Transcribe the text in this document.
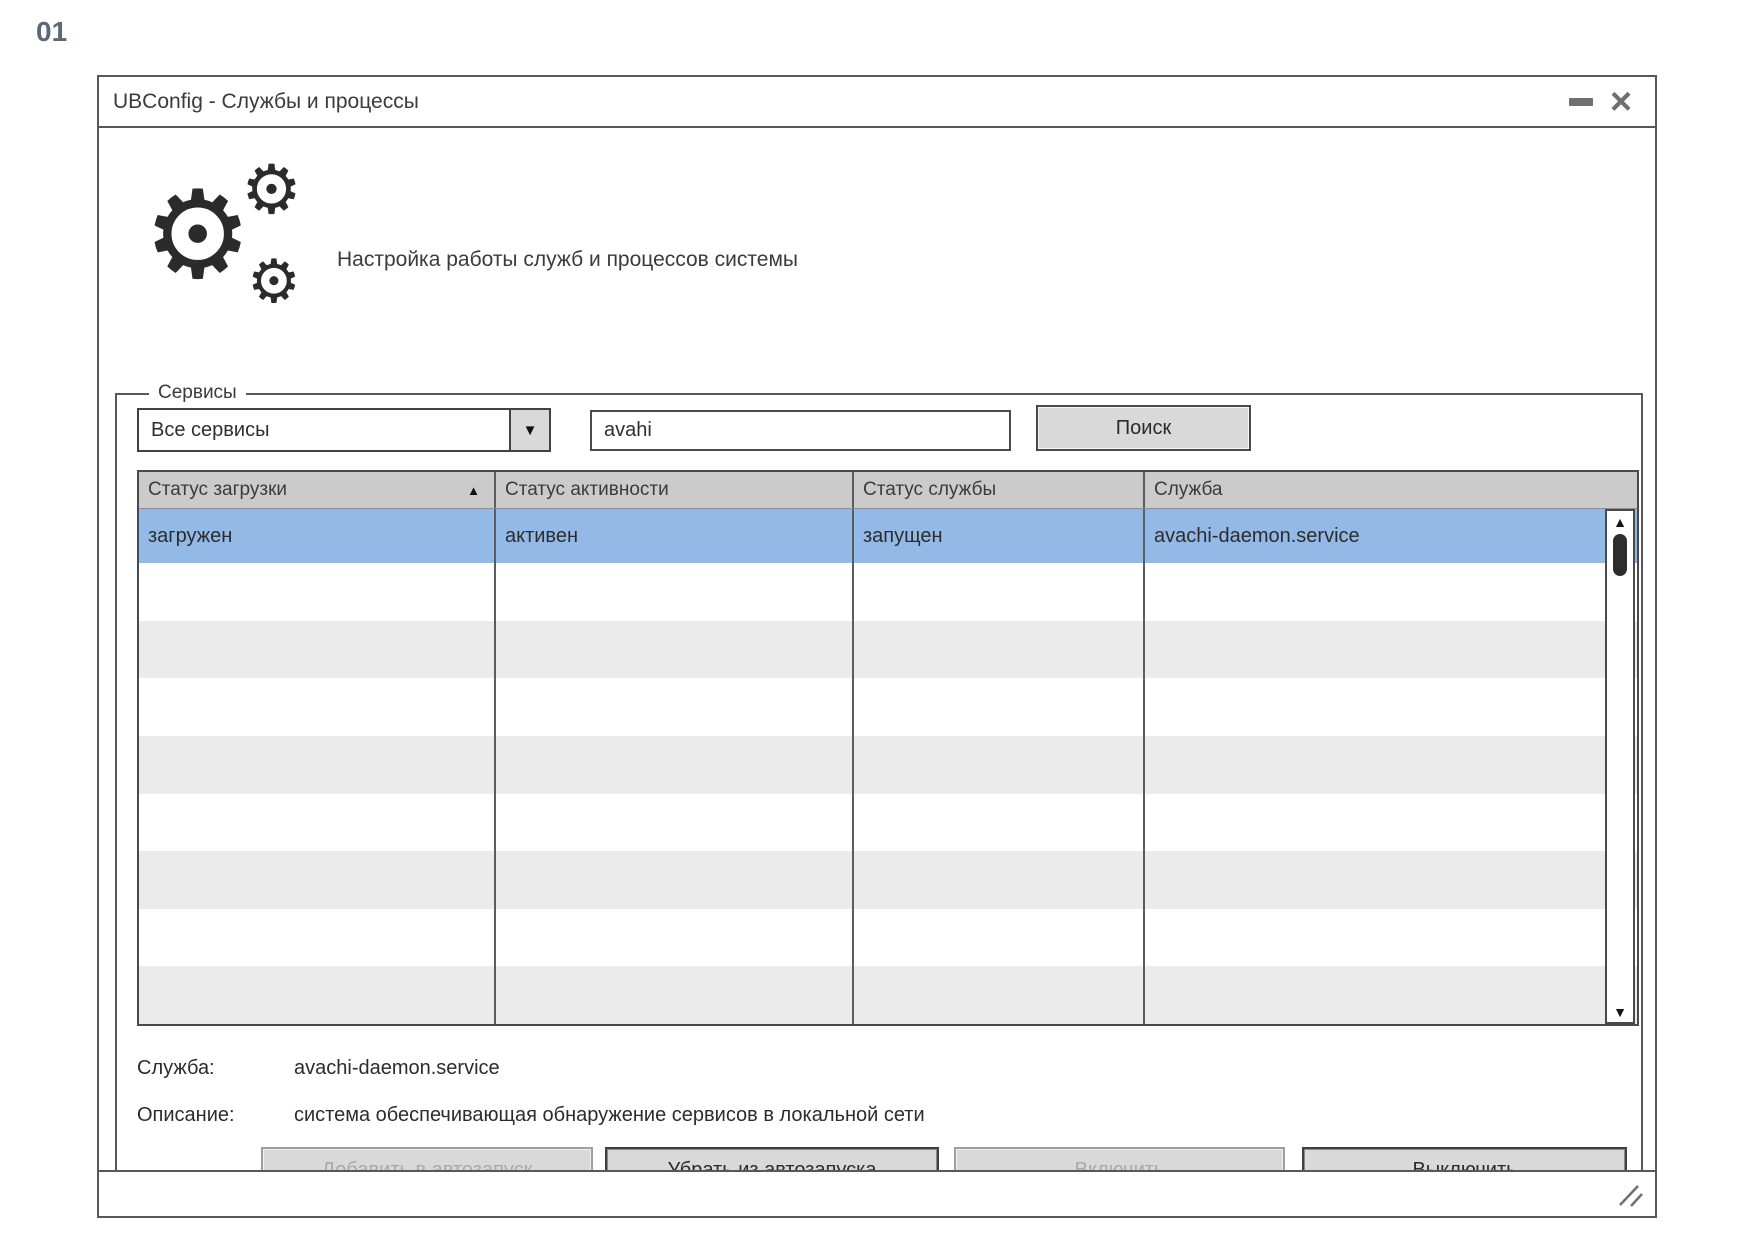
01
UBConfig - Службы и процессы	×
⚙
⚙
⚙ Настройка работы служб и процессов системы
Сервисы
Все сервисы	▼
avahi	Поиск
Статус загрузки	▲ Статус активности	Статус службы	Служба
загружен	активен	запущен	avachi-daemon.service
▲
▼
Служба:	avachi-daemon.service
Описание:	система обеспечивающая обнаружение сервисов в локальной сети
